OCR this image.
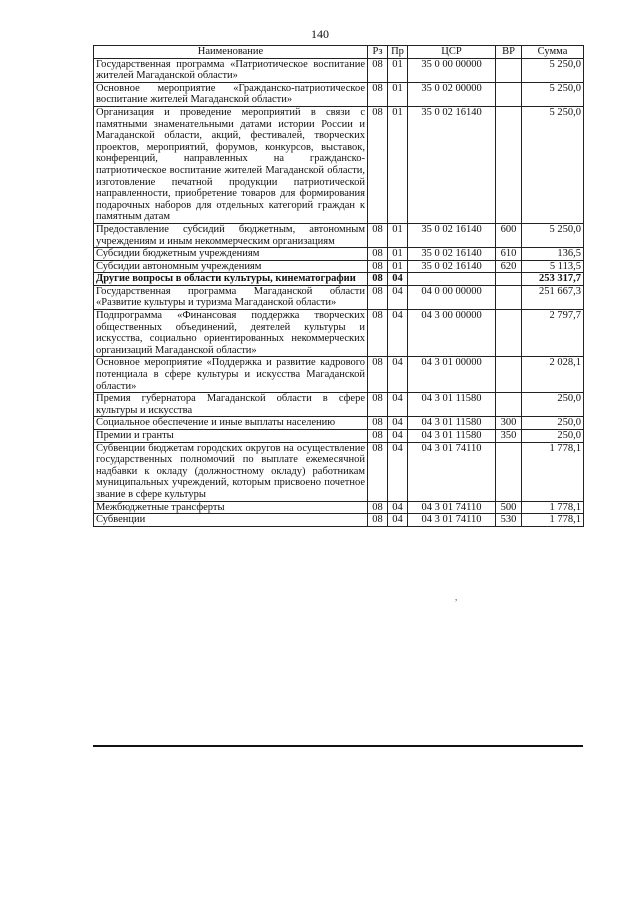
140
Наименование	Рз	Пр	ЦСР	ВР	Сумма
Государственная программа «Патриотическое воспитание жителей Магаданской области»	08	01	35 0 00 00000		5 250,0
Основное мероприятие «Гражданско-патриотическое воспитание жителей Магаданской области»	08	01	35 0 02 00000		5 250,0
Организация и проведение мероприятий в связи с памятными знаменательными датами истории России и Магаданской области, акций, фестивалей, творческих проектов, мероприятий, форумов, конкурсов, выставок, конференций, направленных на гражданско-патриотическое воспитание жителей Магаданской области, изготовление печатной продукции патриотической направленности, приобретение товаров для формирования подарочных наборов для отдельных категорий граждан к памятным датам	08	01	35 0 02 16140		5 250,0
Предоставление субсидий бюджетным, автономным учреждениям и иным некоммерческим организациям	08	01	35 0 02 16140	600	5 250,0
Субсидии бюджетным учреждениям	08	01	35 0 02 16140	610	136,5
Субсидии автономным учреждениям	08	01	35 0 02 16140	620	5 113,5
Другие вопросы в области культуры, кинематографии	08	04			253 317,7
Государственная программа Магаданской области «Развитие культуры и туризма Магаданской области»	08	04	04 0 00 00000		251 667,3
Подпрограмма «Финансовая поддержка творческих общественных объединений, деятелей культуры и искусства, социально ориентированных некоммерческих организаций Магаданской области»	08	04	04 3 00 00000		2 797,7
Основное мероприятие «Поддержка и развитие кадрового потенциала в сфере культуры и искусства Магаданской области»	08	04	04 3 01 00000		2 028,1
Премия губернатора Магаданской области в сфере культуры и искусства	08	04	04 3 01 11580		250,0
Социальное обеспечение и иные выплаты населению	08	04	04 3 01 11580	300	250,0
Премии и гранты	08	04	04 3 01 11580	350	250,0
Субвенции бюджетам городских округов на осуществление государственных полномочий по выплате ежемесячной надбавки к окладу (должностному окладу) работникам муниципальных учреждений, которым присвоено почетное звание в сфере культуры	08	04	04 3 01 74110		1 778,1
Межбюджетные трансферты	08	04	04 3 01 74110	500	1 778,1
Субвенции	08	04	04 3 01 74110	530	1 778,1
,
